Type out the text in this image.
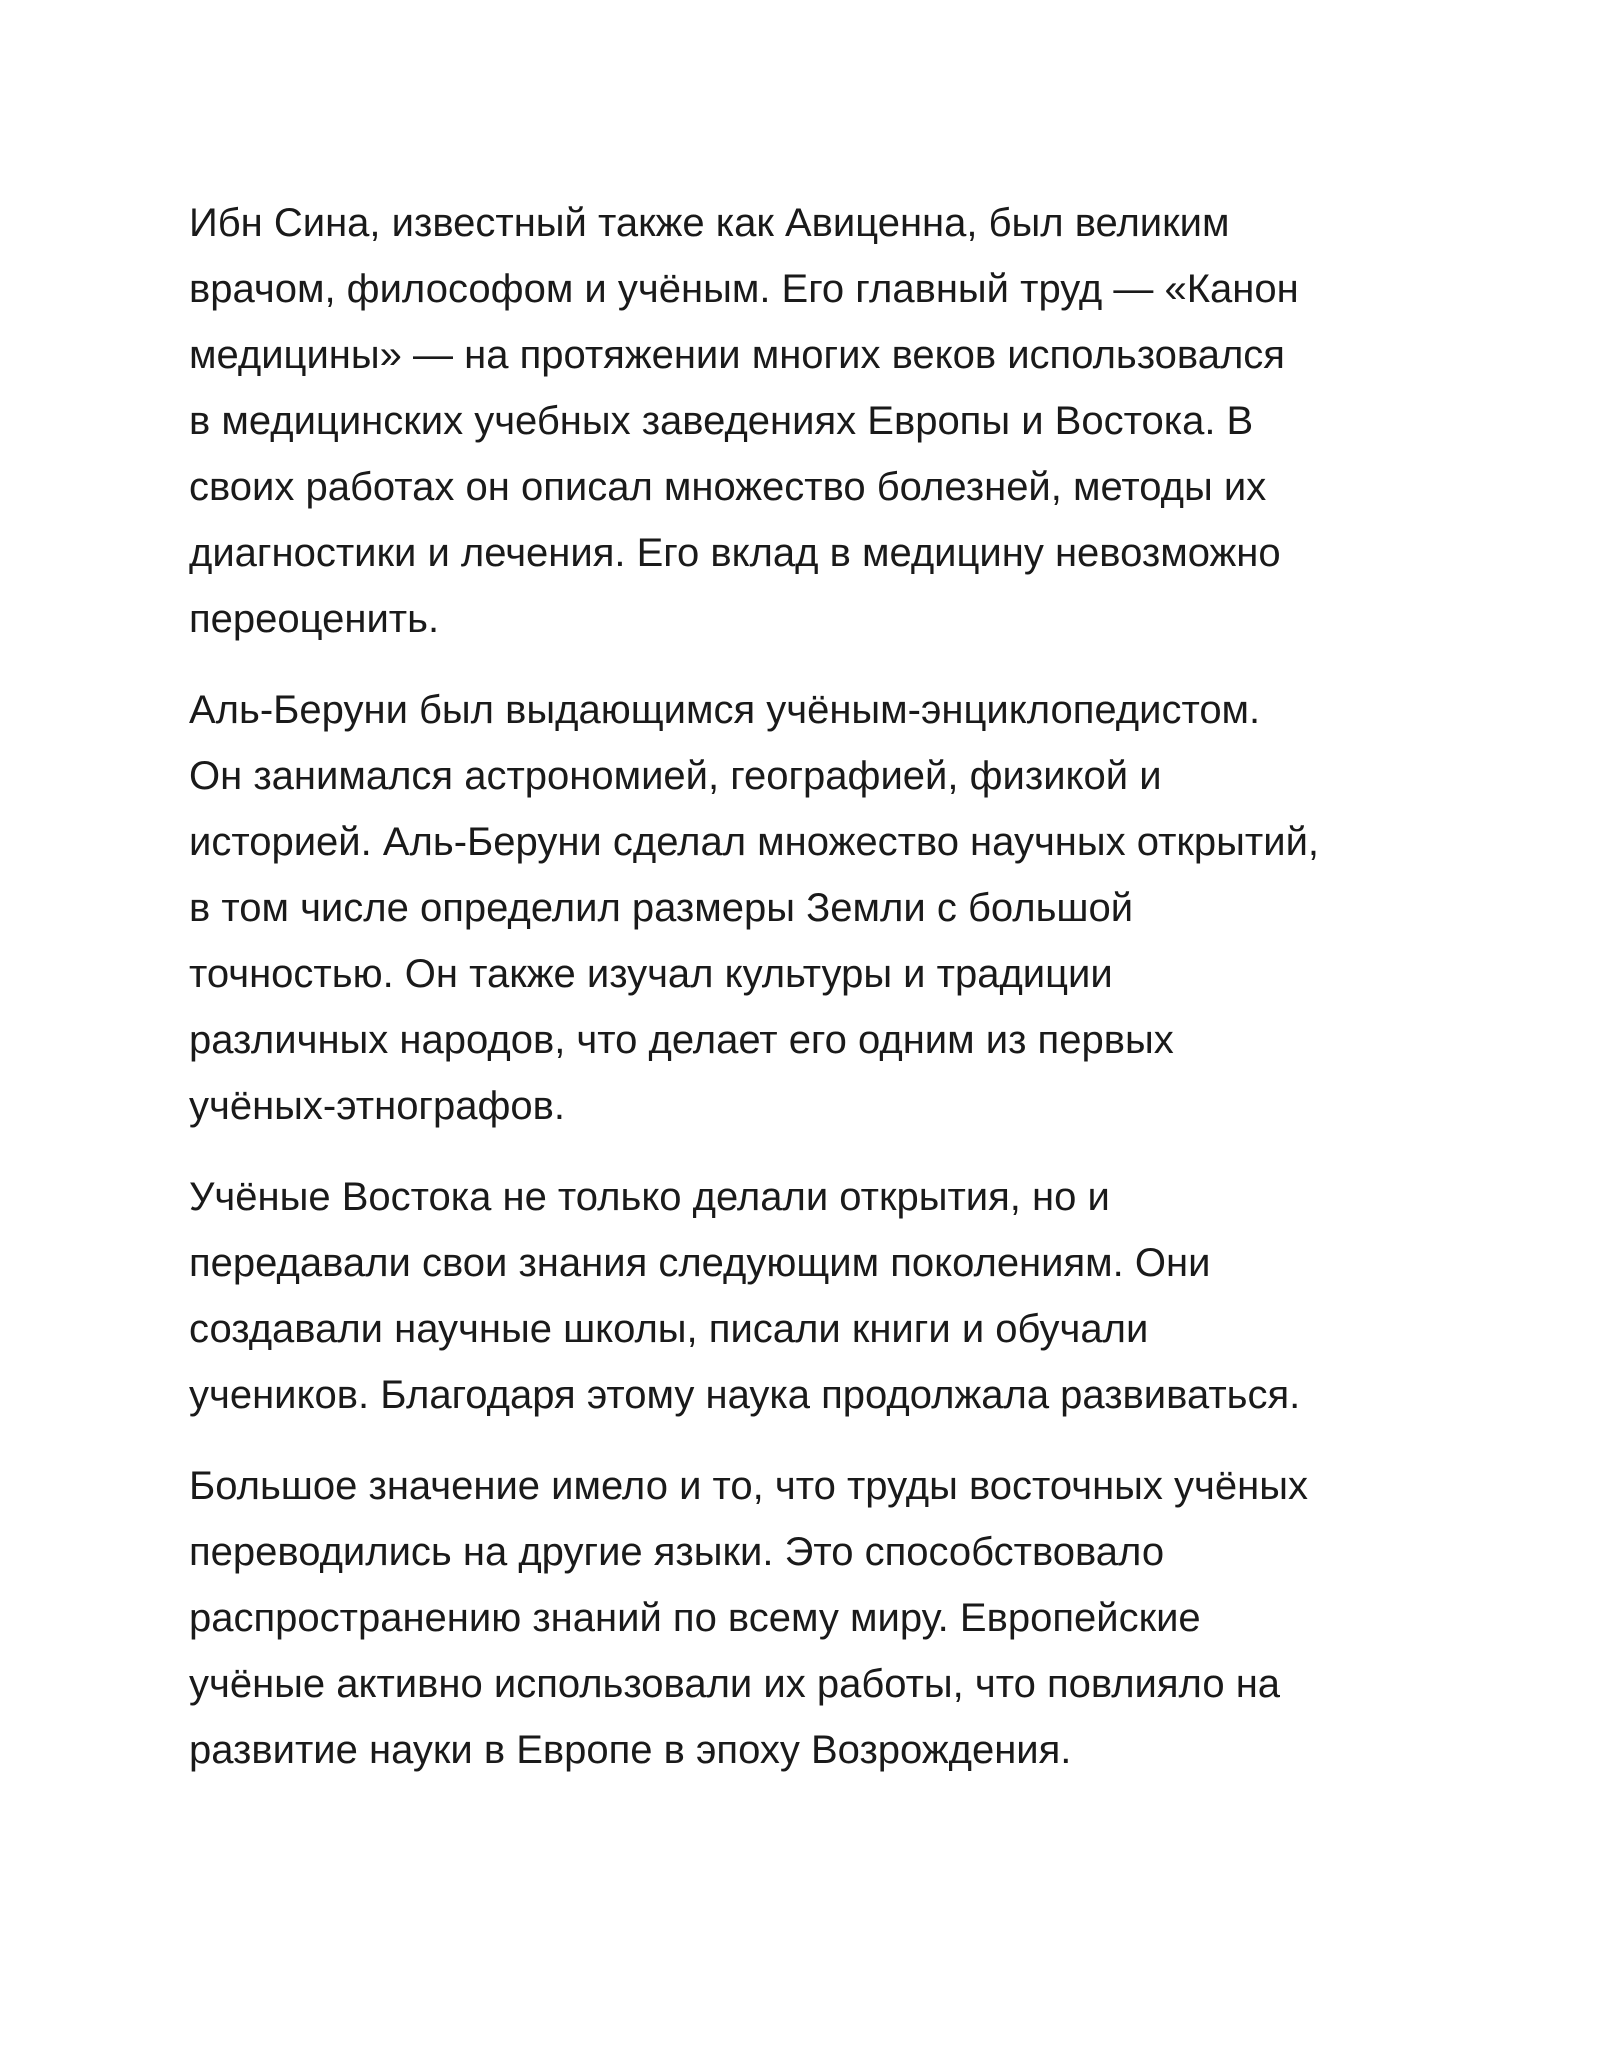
Ибн Сина, известный также как Авиценна, был великим
врачом, философом и учёным. Его главный труд — «Канон
медицины» — на протяжении многих веков использовался
в медицинских учебных заведениях Европы и Востока. В
своих работах он описал множество болезней, методы их
диагностики и лечения. Его вклад в медицину невозможно
переоценить.

Аль-Беруни был выдающимся учёным-энциклопедистом.
Он занимался астрономией, географией, физикой и
историей. Аль-Беруни сделал множество научных открытий,
в том числе определил размеры Земли с большой
точностью. Он также изучал культуры и традиции
различных народов, что делает его одним из первых
учёных-этнографов.

Учёные Востока не только делали открытия, но и
передавали свои знания следующим поколениям. Они
создавали научные школы, писали книги и обучали
учеников. Благодаря этому наука продолжала развиваться.

Большое значение имело и то, что труды восточных учёных
переводились на другие языки. Это способствовало
распространению знаний по всему миру. Европейские
учёные активно использовали их работы, что повлияло на
развитие науки в Европе в эпоху Возрождения.
